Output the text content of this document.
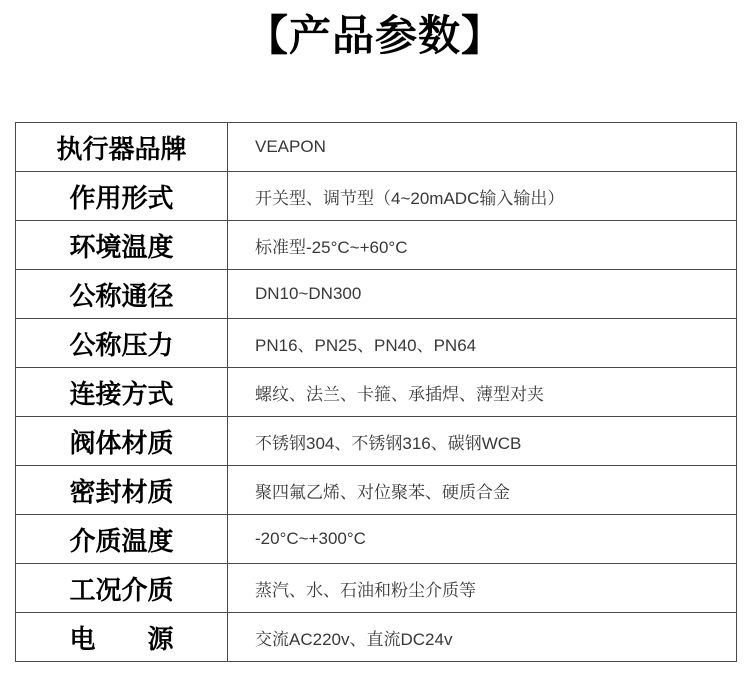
【产品参数】
执行器品牌	VEAPON
作用形式	开关型、调节型（4~20mADC输入输出）
环境温度	标准型-25°C~+60°C
公称通径	DN10~DN300
公称压力	PN16、PN25、PN40、PN64
连接方式	螺纹、法兰、卡箍、承插焊、薄型对夹
阀体材质	不锈钢304、不锈钢316、碳钢WCB
密封材质	聚四氟乙烯、对位聚苯、硬质合金
介质温度	-20°C~+300°C
工况介质	蒸汽、水、石油和粉尘介质等
电　　源	交流AC220v、直流DC24v
